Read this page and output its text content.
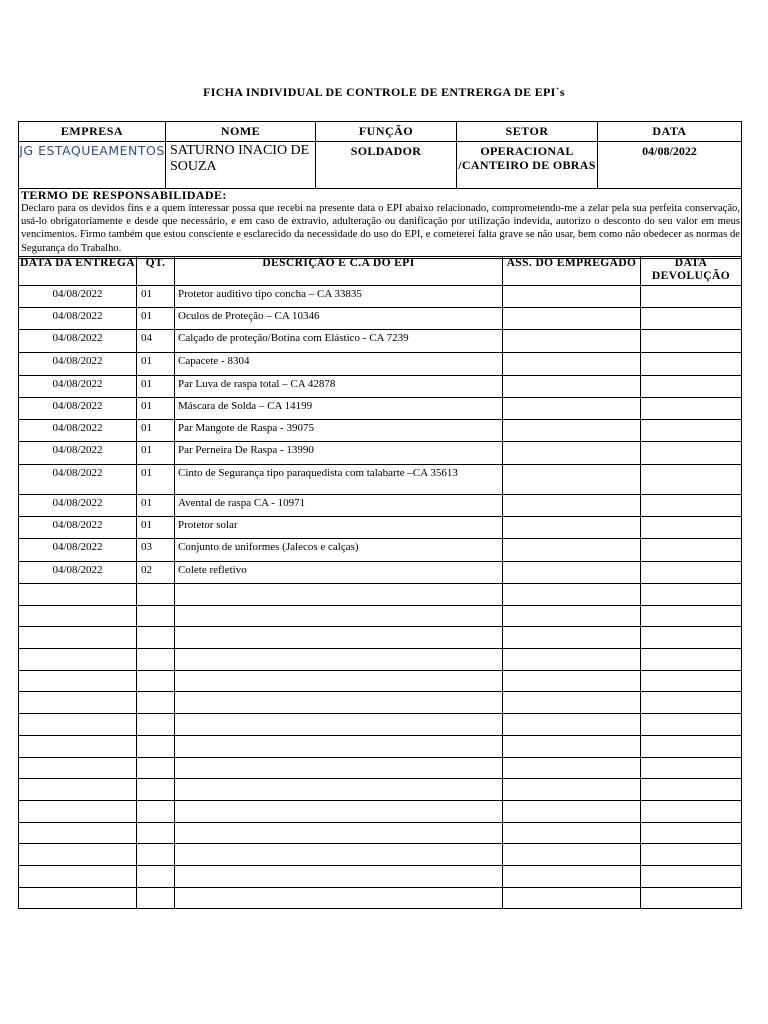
FICHA INDIVIDUAL DE CONTROLE DE ENTRERGA DE EPI`s
EMPRESA	NOME	FUNÇÃO	SETOR	DATA
JG ESTAQUEAMENTOS	SATURNO INACIO DE SOUZA	SOLDADOR	OPERACIONAL /CANTEIRO DE OBRAS	04/08/2022

TERMO DE RESPONSABILIDADE:
Declaro para os devidos fins e a quem interessar possa que recebi na presente data o EPI abaixo relacionado, comprometendo-me a zelar pela sua perfeita conservação, usá-lo obrigatoriamente e desde que necessário, e em caso de extravio, adulteração ou danificação por utilização indevida, autorizo o desconto do seu valor em meus vencimentos. Firmo também que estou consciente e esclarecido da necessidade do uso do EPI, e cometerei falta grave se não usar, bem como não obedecer as normas de Segurança do Trabalho.				
DATA DA ENTREGA	QT.	DESCRIÇÃO E C.A DO EPI	ASS. DO EMPREGADO	DATA DEVOLUÇÃO
04/08/2022	01	Protetor auditivo tipo concha – CA 33835		
04/08/2022	01	Oculos de Proteção – CA 10346		
04/08/2022	04	Calçado de proteção/Botina com Elástico - CA 7239		
04/08/2022	01	Capacete - 8304		
04/08/2022	01	Par Luva de raspa total – CA 42878		
04/08/2022	01	Máscara de Solda – CA 14199		
04/08/2022	01	Par Mangote de Raspa - 39075		
04/08/2022	01	Par Perneira De Raspa - 13990		
04/08/2022	01	Cinto de Segurança tipo paraquedista com talabarte –CA 35613		
04/08/2022	01	Avental de raspa CA - 10971		
04/08/2022	01	Protetor solar		
04/08/2022	03	Conjunto de uniformes (Jalecos e calças)		
04/08/2022	02	Colete refletivo		
